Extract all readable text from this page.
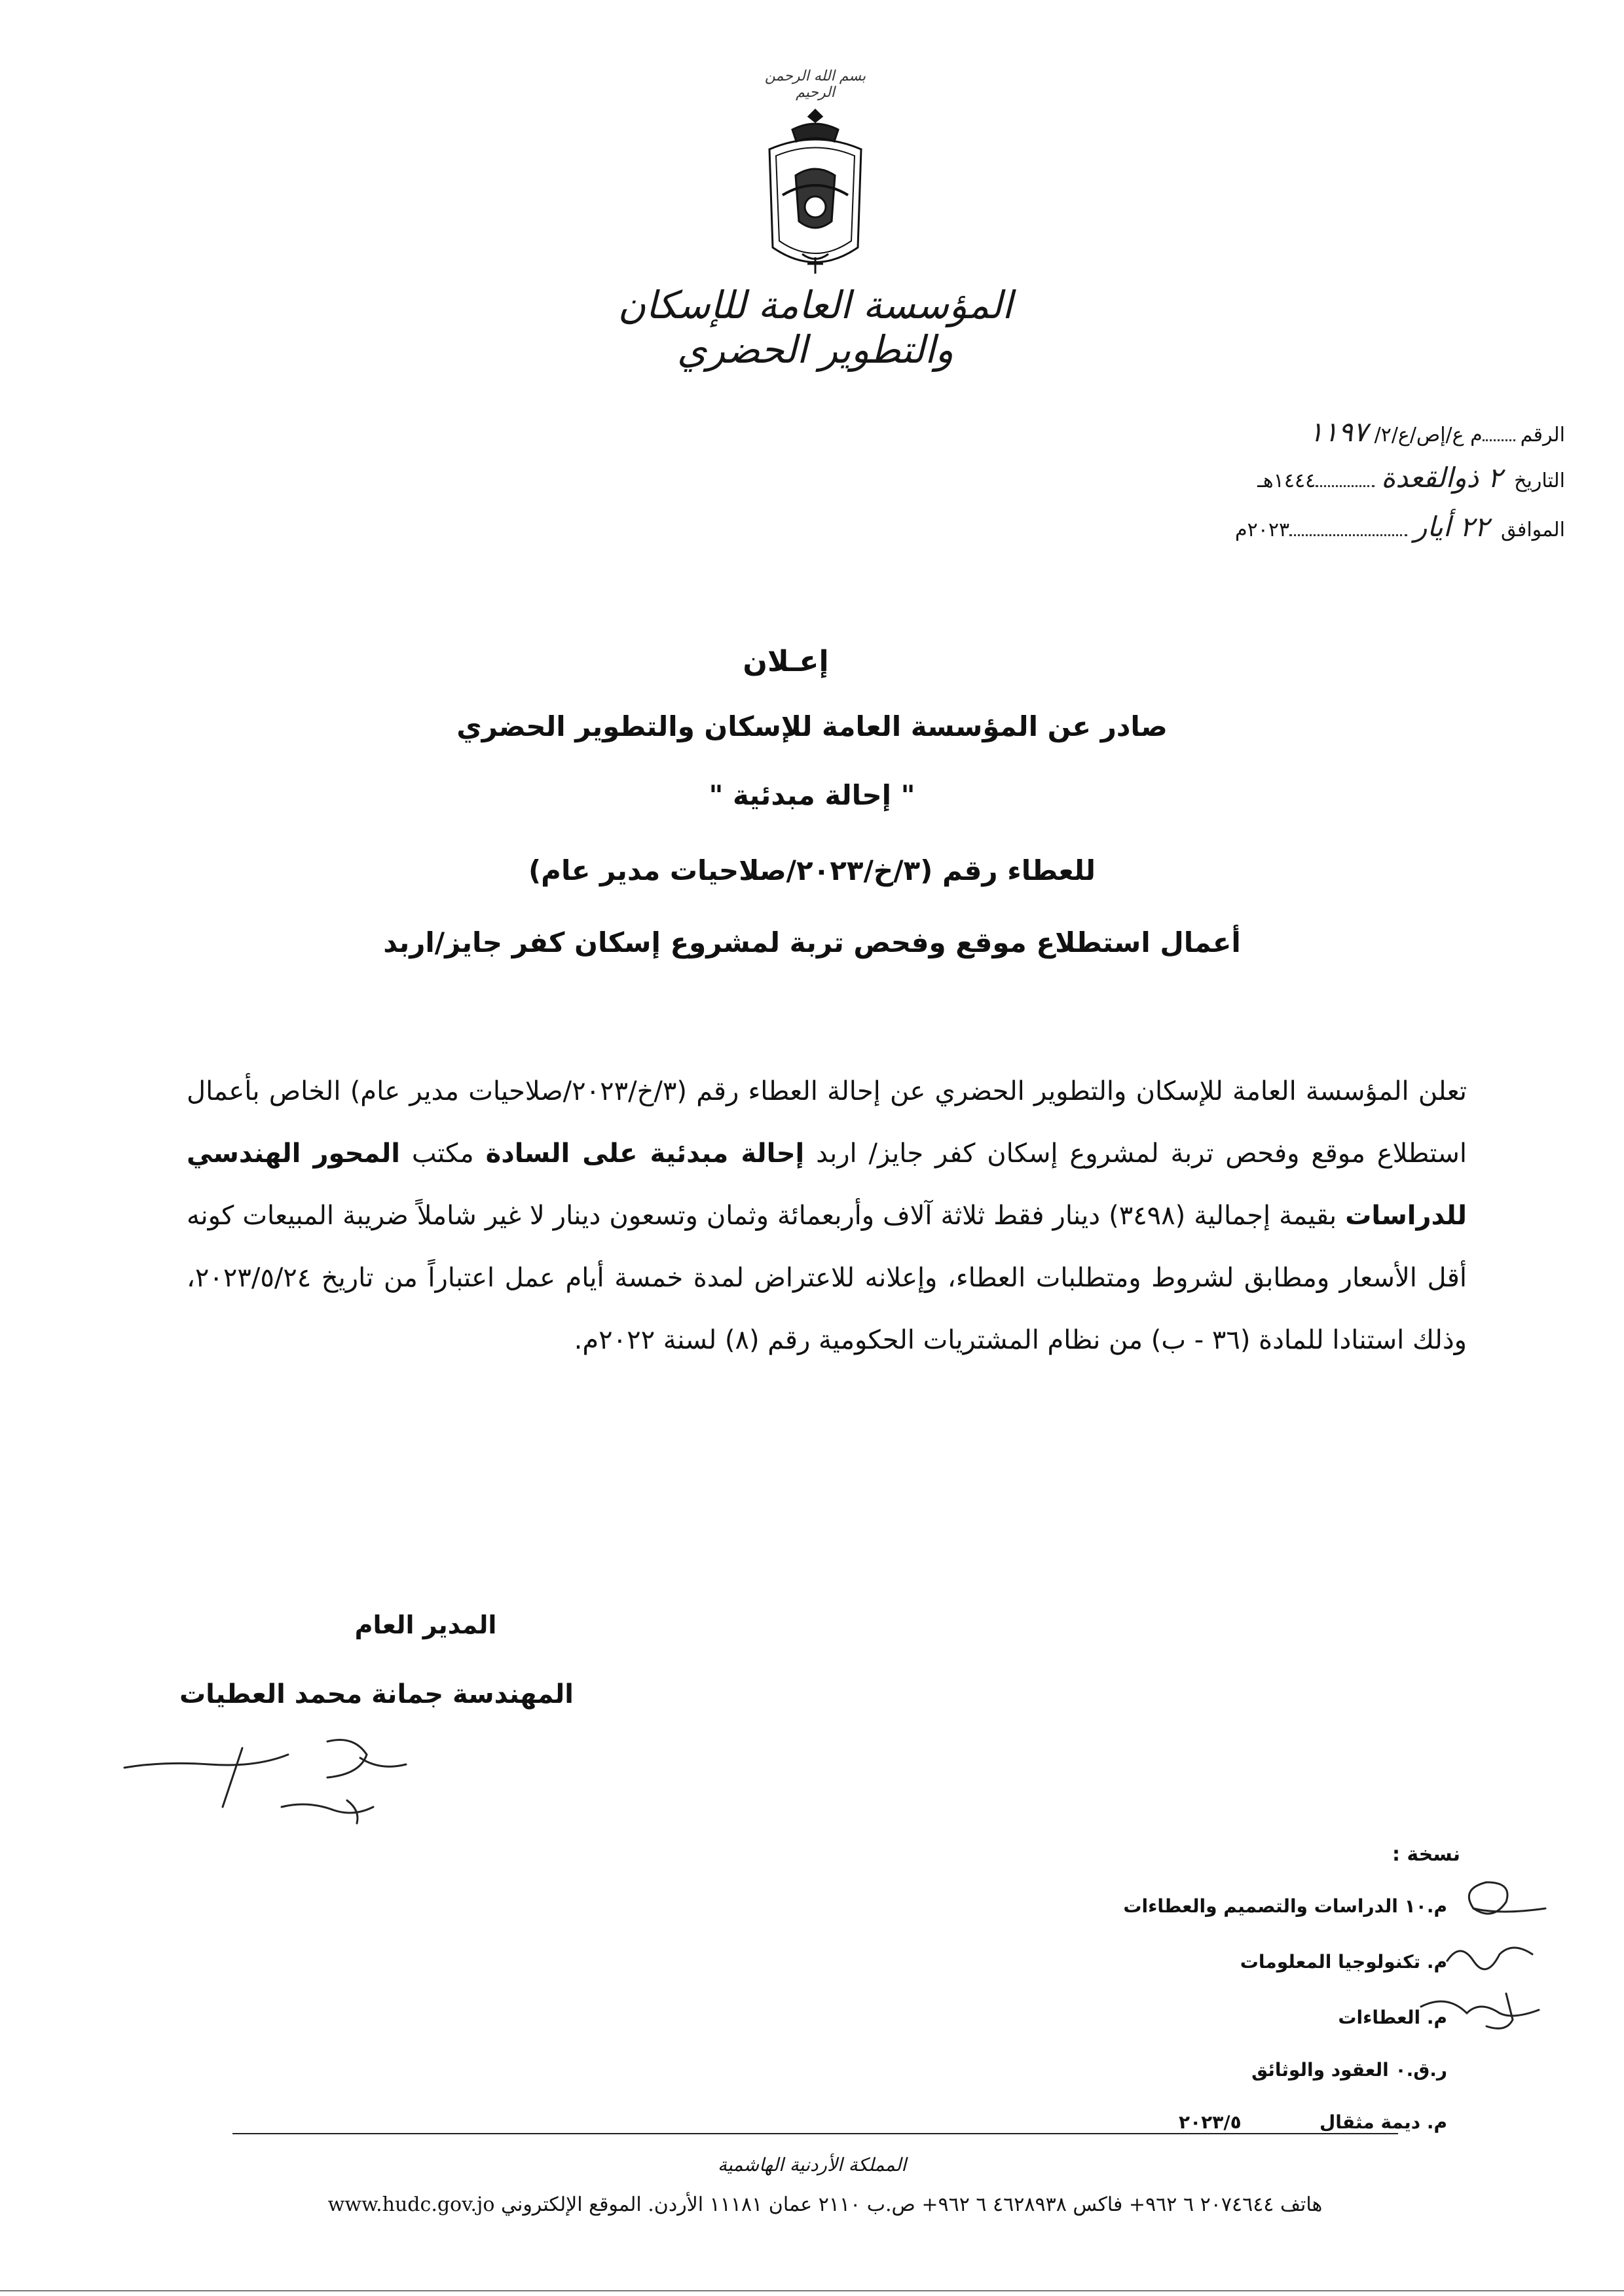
بسم الله الرحمن الرحيم
المؤسسة العامة للإسكان والتطوير الحضري
الرقم
م ع/إص/ع/٢/
١١٩٧
التاريخ
٢ ذوالقعدة
١٤٤٤هـ
الموافق
٢٢ أيار
٢٠٢٣م
إعـلان
صادر عن المؤسسة العامة للإسكان والتطوير الحضري
" إحالة مبدئية "
للعطاء رقم (٣/خ/٢٠٢٣/صلاحيات مدير عام)
أعمال استطلاع موقع وفحص تربة لمشروع إسكان كفر جايز/اربد
تعلن المؤسسة العامة للإسكان والتطوير الحضري عن إحالة العطاء رقم (٣/خ/٢٠٢٣/صلاحيات مدير عام) الخاص بأعمال استطلاع موقع وفحص تربة لمشروع إسكان كفر جايز/ اربد إحالة مبدئية على السادة مكتب المحور الهندسي للدراسات بقيمة إجمالية (٣٤٩٨) دينار فقط ثلاثة آلاف وأربعمائة وثمان وتسعون دينار لا غير شاملاً ضريبة المبيعات كونه أقل الأسعار ومطابق لشروط ومتطلبات العطاء، وإعلانه للاعتراض لمدة خمسة أيام عمل اعتباراً من تاريخ ٢٠٢٣/٥/٢٤، وذلك استنادا للمادة (٣٦ - ب) من نظام المشتريات الحكومية رقم (٨) لسنة ٢٠٢٢م.
المدير العام
المهندسة جمانة محمد العطيات
نسخة :
م.١٠ الدراسات والتصميم والعطاءات
م. تكنولوجيا المعلومات
م. العطاءات
ر.ق.٠ العقود والوثائق
م. ديمة مثقال
٢٠٢٣/٥
المملكة الأردنية الهاشمية
هاتف ٢٠٧‎٤٦٤٤‏ ٦ ٩٦٢+ فاكس ٤٦٢٨٩٣٨ ٦ ٩٦٢+ ص.ب ٢١١٠ عمان ١١١٨١ الأردن. الموقع الإلكتروني www.hudc.gov.jo
